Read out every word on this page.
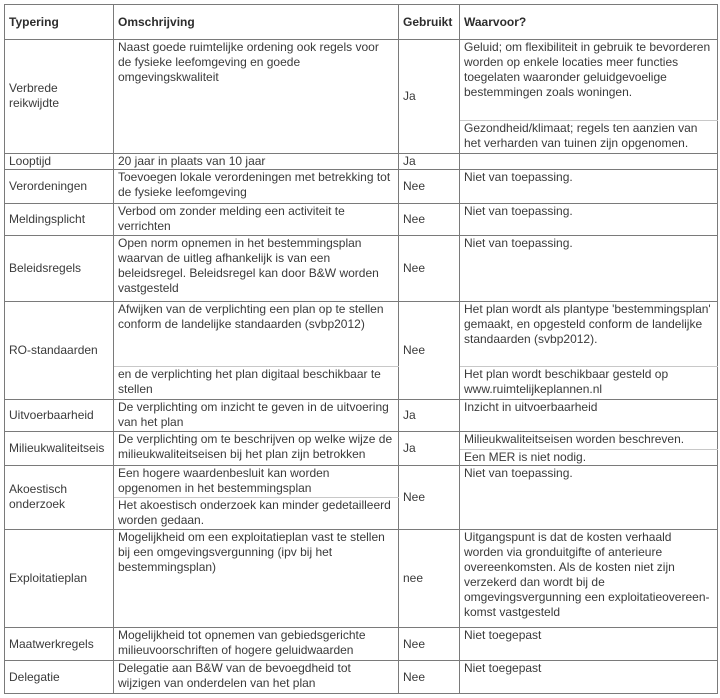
Typering	Omschrijving	Gebruikt	Waarvoor?
Verbrede reikwijdte	Naast goede ruimtelijke ordening ook regels voor de fysieke leefomgeving en goede omgevingskwaliteit	Ja	Geluid; om flexibiliteit in gebruik te bevorderen worden op enkele locaties meer functies toegelaten waaronder geluidgevoelige bestemmingen zoals woningen.
			Gezondheid/klimaat; regels ten aanzien van het verharden van tuinen zijn opgenomen.
Looptijd	20 jaar in plaats van 10 jaar	Ja	
Verordeningen	Toevoegen lokale verordeningen met betrekking tot de fysieke leefomgeving	Nee	Niet van toepassing.
Meldingsplicht	Verbod om zonder melding een activiteit te verrichten	Nee	Niet van toepassing.
Beleidsregels	Open norm opnemen in het bestemmingsplan waarvan de uitleg afhankelijk is van een beleidsregel. Beleidsregel kan door B&W worden vastgesteld	Nee	Niet van toepassing.
RO-standaarden	Afwijken van de verplichting een plan op te stellen conform de landelijke standaarden (svbp2012)	Nee	Het plan wordt als plantype 'bestemmingsplan' gemaakt, en opgesteld conform de landelijke standaarden (svbp2012).
	en de verplichting het plan digitaal beschikbaar te stellen		Het plan wordt beschikbaar gesteld op www.ruimtelijkeplannen.nl
Uitvoerbaarheid	De verplichting om inzicht te geven in de uitvoering van het plan	Ja	Inzicht in uitvoerbaarheid
Milieukwaliteitseis	De verplichting om te beschrijven op welke wijze de milieukwaliteitseisen bij het plan zijn betrokken	Ja	Milieukwaliteitseisen worden beschreven.
			Een MER is niet nodig.
Akoestisch onderzoek	Een hogere waardenbesluit kan worden opgenomen in het bestemmingsplan	Nee	Niet van toepassing.
	Het akoestisch onderzoek kan minder gedetailleerd worden gedaan.		
Exploitatieplan	Mogelijkheid om een exploitatieplan vast te stellen bij een omgevingsvergunning (ipv bij het bestemmingsplan)	nee	Uitgangspunt is dat de kosten verhaald worden via gronduitgifte of anterieure overeenkomsten. Als de kosten niet zijn verzekerd dan wordt bij de omgevingsvergunning een exploitatieovereen-komst vastgesteld
Maatwerkregels	Mogelijkheid tot opnemen van gebiedsgerichte milieuvoorschriften of hogere geluidwaarden	Nee	Niet toegepast
Delegatie	Delegatie aan B&W van de bevoegdheid tot wijzigen van onderdelen van het plan	Nee	Niet toegepast
